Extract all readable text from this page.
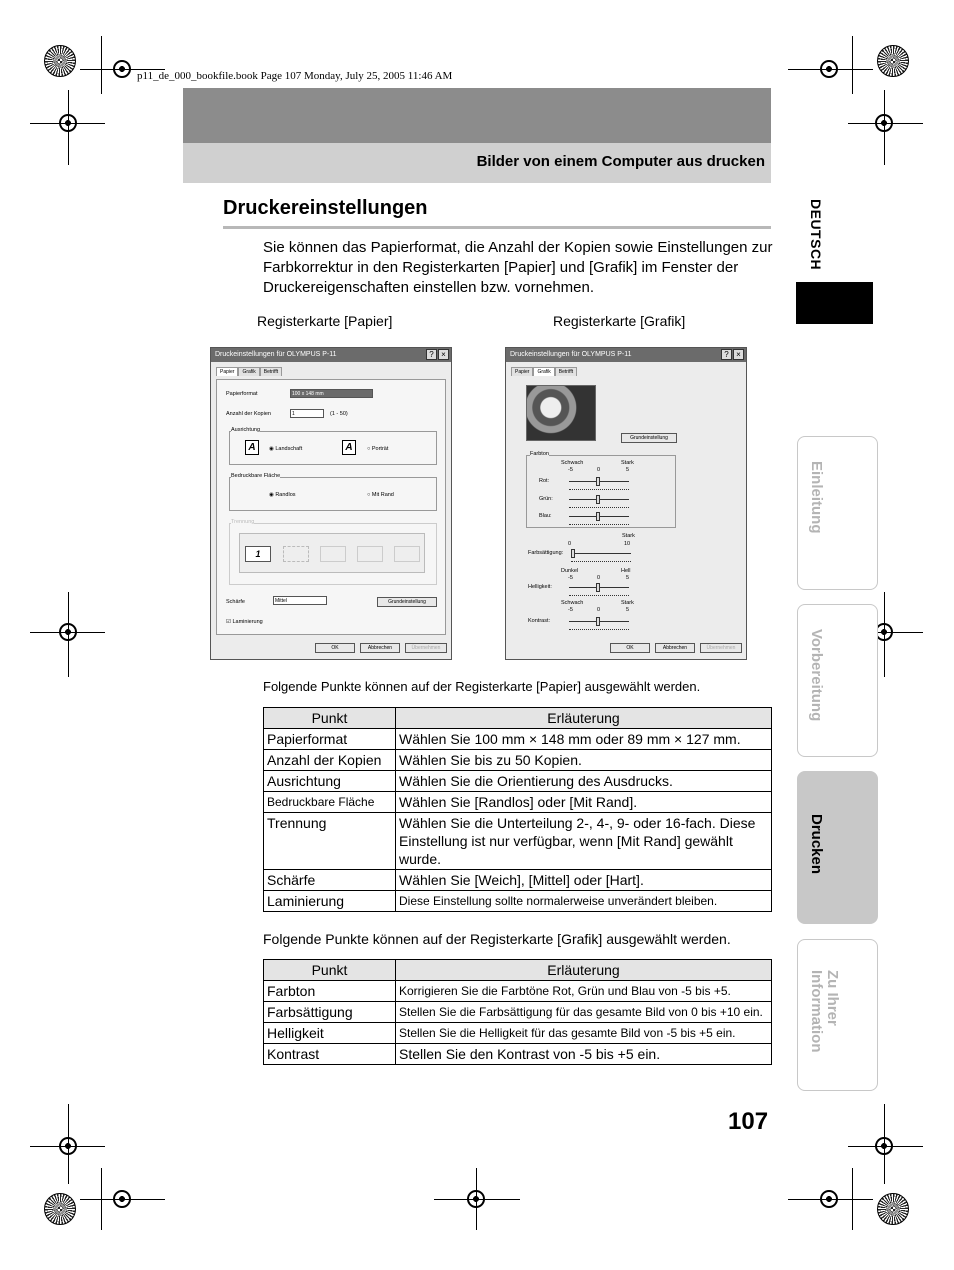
p11_de_000_bookfile.book Page 107 Monday, July 25, 2005 11:46 AM
Bilder von einem Computer aus drucken
Druckereinstellungen
Sie können das Papierformat, die Anzahl der Kopien sowie Einstellungen zur Farbkorrektur in den Registerkarten [Papier] und [Grafik] im Fenster der Druckereigenschaften einstellen bzw. vornehmen.
Registerkarte [Papier]	Registerkarte [Grafik]
Druckeinstellungen für OLYMPUS P-11	? ×
Papier	Grafik	Betrifft
Papierformat	100 x 148 mm
Anzahl der Kopien	1	(1 - 50)
Ausrichtung
A	◉ Landschaft	A	○ Porträt
Bedruckbare Fläche
◉ Randlos	○ Mit Rand
Trennung
1
Schärfe	Mittel	Grundeinstellung
☑ Laminierung
OK	Abbrechen	Übernehmen
Druckeinstellungen für OLYMPUS P-11	? ×
Papier	Grafik	Betrifft
Grundeinstellung
Farbton
Schwach	Stark
-5	0	5
Rot:
Grün:
Blau:
Stark
0	10
Farbsättigung:
Dunkel	Hell
-5	0	5
Helligkeit:
Schwach	Stark
-5	0	5
Kontrast:
OK	Abbrechen	Übernehmen
Folgende Punkte können auf der Registerkarte [Papier] ausgewählt werden.
Punkt	Erläuterung
Papierformat	Wählen Sie 100 mm × 148 mm oder 89 mm × 127 mm.
Anzahl der Kopien	Wählen Sie bis zu 50 Kopien.
Ausrichtung	Wählen Sie die Orientierung des Ausdrucks.
Bedruckbare Fläche	Wählen Sie [Randlos] oder [Mit Rand].
Trennung	Wählen Sie die Unterteilung 2-, 4-, 9- oder 16-fach. Diese Einstellung ist nur verfügbar, wenn [Mit Rand] gewählt wurde.
Schärfe	Wählen Sie [Weich], [Mittel] oder [Hart].
Laminierung	Diese Einstellung sollte normalerweise unverändert bleiben.
Folgende Punkte können auf der Registerkarte [Grafik] ausgewählt werden.
Punkt	Erläuterung
Farbton	Korrigieren Sie die Farbtöne Rot, Grün und Blau von -5 bis +5.
Farbsättigung	Stellen Sie die Farbsättigung für das gesamte Bild von 0 bis +10 ein.
Helligkeit	Stellen Sie die Helligkeit für das gesamte Bild von -5 bis +5 ein.
Kontrast	Stellen Sie den Kontrast von -5 bis +5 ein.
DEUTSCH
Einleitung
Vorbereitung
Drucken
Zu Ihrer Information
107
